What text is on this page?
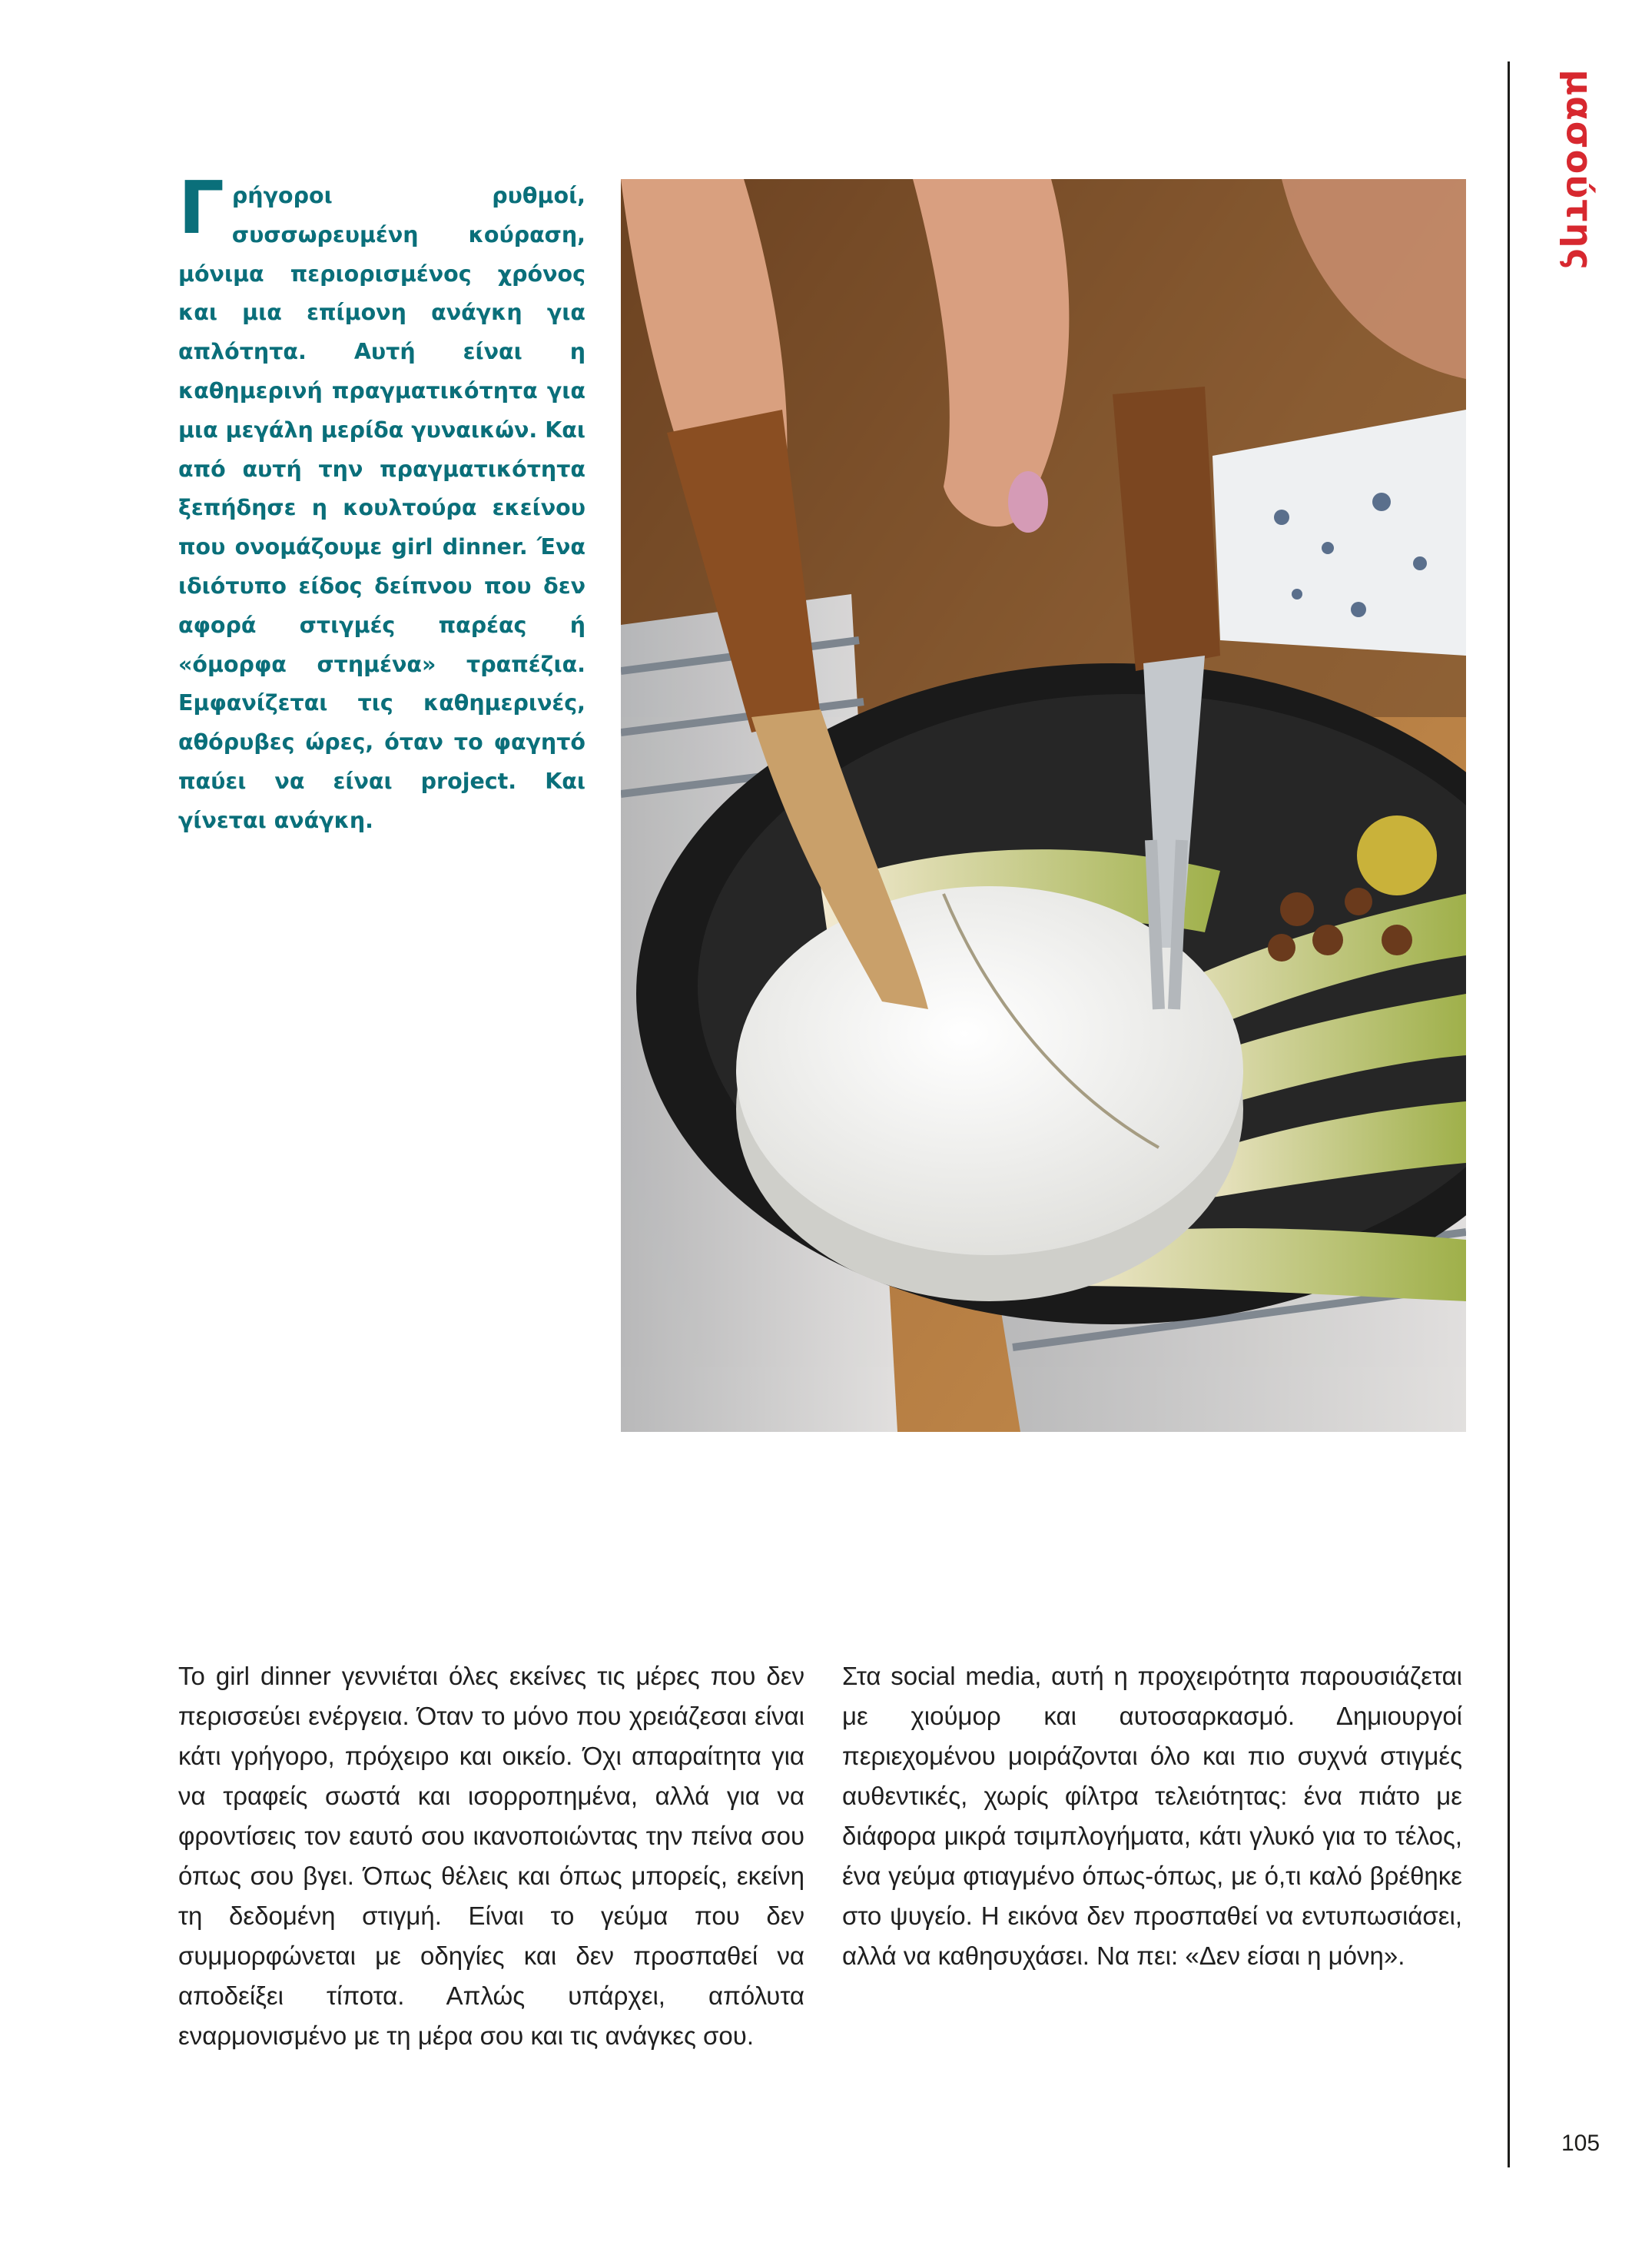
μασούτης

Γρήγοροι ρυθμοί, συσσωρευμένη κούραση, μόνιμα περιορισμένος χρόνος και μια επίμονη ανάγκη για απλότητα. Αυτή είναι η καθημερινή πραγματικότητα για μια μεγάλη μερίδα γυναικών. Και από αυτή την πραγματικότητα ξεπήδησε η κουλτούρα εκείνου που ονομάζουμε girl dinner. Ένα ιδιότυπο είδος δείπνου που δεν αφορά στιγμές παρέας ή «όμορφα στημένα» τραπέζια. Εμφανίζεται τις καθημερινές, αθόρυβες ώρες, όταν το φαγητό παύει να είναι project. Και γίνεται ανάγκη.

Το girl dinner γεννιέται όλες εκείνες τις μέρες που δεν περισσεύει ενέργεια. Όταν το μόνο που χρειάζεσαι είναι κάτι γρήγορο, πρόχειρο και οικείο. Όχι απαραίτητα για να τραφείς σωστά και ισορροπημένα, αλλά για να φροντίσεις τον εαυτό σου ικανοποιώντας την πείνα σου όπως σου βγει. Όπως θέλεις και όπως μπορείς, εκείνη τη δεδομένη στιγμή. Είναι το γεύμα που δεν συμμορφώνεται με οδηγίες και δεν προσπαθεί να αποδείξει τίποτα. Απλώς υπάρχει, απόλυτα εναρμονισμένο με τη μέρα σου και τις ανάγκες σου.

Στα social media, αυτή η προχειρότητα παρουσιάζεται με χιούμορ και αυτοσαρκασμό. Δημιουργοί περιεχομένου μοιράζονται όλο και πιο συχνά στιγμές αυθεντικές, χωρίς φίλτρα τελειότητας: ένα πιάτο με διάφορα μικρά τσιμπλογήματα, κάτι γλυκό για το τέλος, ένα γεύμα φτιαγμένο όπως-όπως, με ό,τι καλό βρέθηκε στο ψυγείο. Η εικόνα δεν προσπαθεί να εντυπωσιάσει, αλλά να καθησυχάσει. Να πει: «Δεν είσαι η μόνη».

105
